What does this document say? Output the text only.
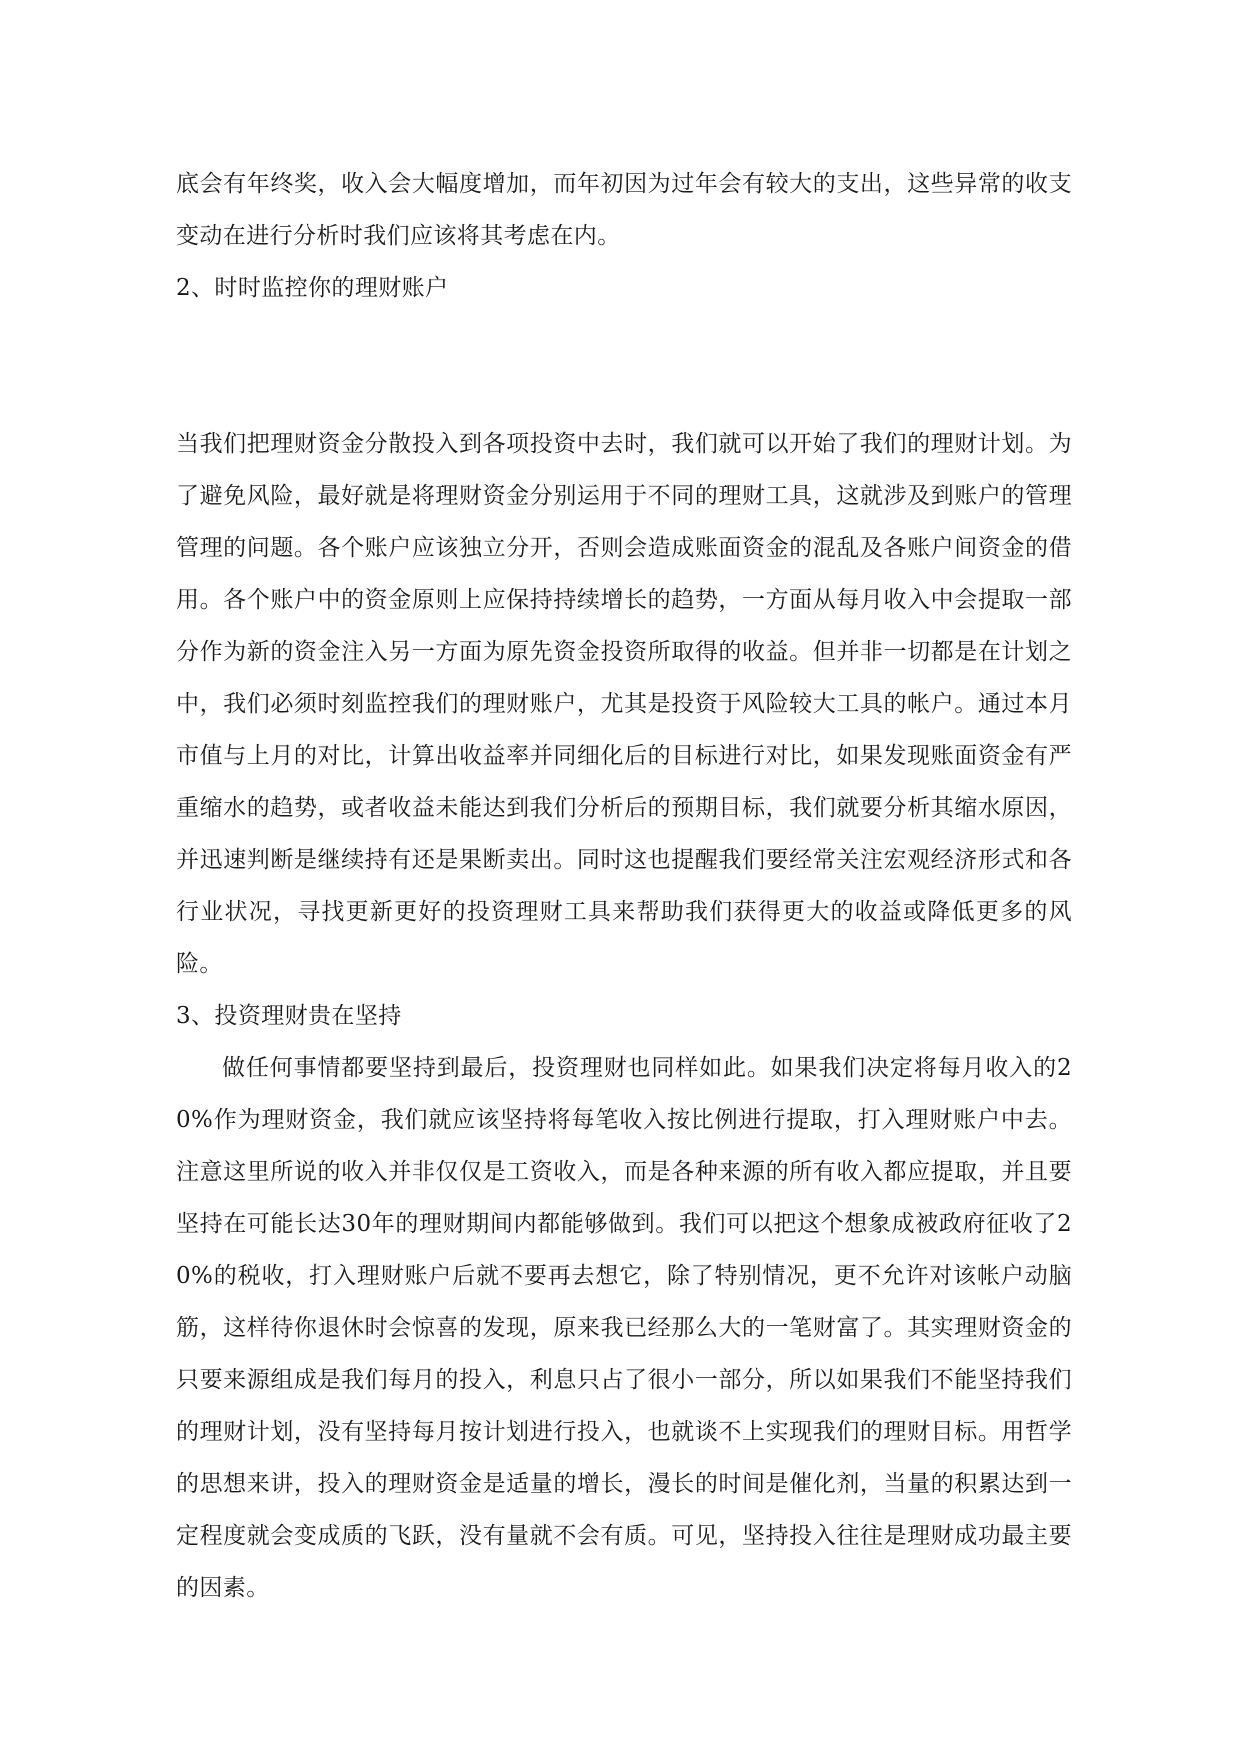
底会有年终奖，收入会大幅度增加，而年初因为过年会有较大的支出，这些异常的收支变动在进行分析时我们应该将其考虑在内。

2、时时监控你的理财账户

当我们把理财资金分散投入到各项投资中去时，我们就可以开始了我们的理财计划。为了避免风险，最好就是将理财资金分别运用于不同的理财工具，这就涉及到账户的管理管理的问题。各个账户应该独立分开，否则会造成账面资金的混乱及各账户间资金的借用。各个账户中的资金原则上应保持持续增长的趋势，一方面从每月收入中会提取一部分作为新的资金注入另一方面为原先资金投资所取得的收益。但并非一切都是在计划之中，我们必须时刻监控我们的理财账户，尤其是投资于风险较大工具的帐户。通过本月市值与上月的对比，计算出收益率并同细化后的目标进行对比，如果发现账面资金有严重缩水的趋势，或者收益未能达到我们分析后的预期目标，我们就要分析其缩水原因，并迅速判断是继续持有还是果断卖出。同时这也提醒我们要经常关注宏观经济形式和各行业状况，寻找更新更好的投资理财工具来帮助我们获得更大的收益或降低更多的风险。

3、投资理财贵在坚持

做任何事情都要坚持到最后，投资理财也同样如此。如果我们决定将每月收入的20%作为理财资金，我们就应该坚持将每笔收入按比例进行提取，打入理财账户中去。注意这里所说的收入并非仅仅是工资收入，而是各种来源的所有收入都应提取，并且要坚持在可能长达30年的理财期间内都能够做到。我们可以把这个想象成被政府征收了20%的税收，打入理财账户后就不要再去想它，除了特别情况，更不允许对该帐户动脑筋，这样待你退休时会惊喜的发现，原来我已经那么大的一笔财富了。其实理财资金的只要来源组成是我们每月的投入，利息只占了很小一部分，所以如果我们不能坚持我们的理财计划，没有坚持每月按计划进行投入，也就谈不上实现我们的理财目标。用哲学的思想来讲，投入的理财资金是适量的增长，漫长的时间是催化剂，当量的积累达到一定程度就会变成质的飞跃，没有量就不会有质。可见，坚持投入往往是理财成功最主要的因素。
